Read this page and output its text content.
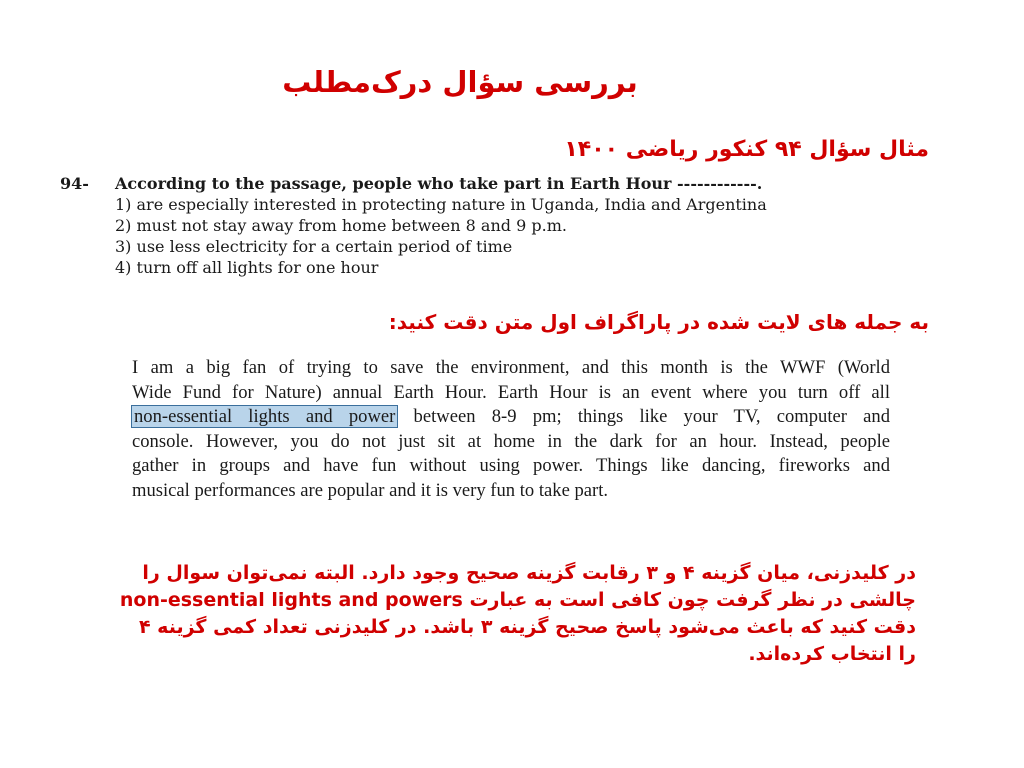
بررسی سؤال درک‌مطلب
مثال سؤال ۹۴ کنکور ریاضی ۱۴۰۰
94- According to the passage, people who take part in Earth Hour ------------.
1) are especially interested in protecting nature in Uganda, India and Argentina
2) must not stay away from home between 8 and 9 p.m.
3) use less electricity for a certain period of time
4) turn off all lights for one hour
به جمله های لایت شده در پاراگراف اول متن دقت کنید:
I am a big fan of trying to save the environment, and this month is the WWF (World
Wide Fund for Nature) annual Earth Hour. Earth Hour is an event where you turn off all
non-essential lights and power between 8-9 pm; things like your TV, computer and
console. However, you do not just sit at home in the dark for an hour. Instead, people
gather in groups and have fun without using power. Things like dancing, fireworks and
musical performances are popular and it is very fun to take part.
در کلیدزنی، میان گزینه ۴ و ۳ رقابت گزینه صحیح وجود دارد. البته نمی‌توان سوال را
چالشی در نظر گرفت چون کافی است به عبارت non-essential lights and powers
دقت کنید که باعث می‌شود پاسخ صحیح گزینه ۳ باشد. در کلیدزنی تعداد کمی گزینه ۴
را انتخاب کرده‌اند.
